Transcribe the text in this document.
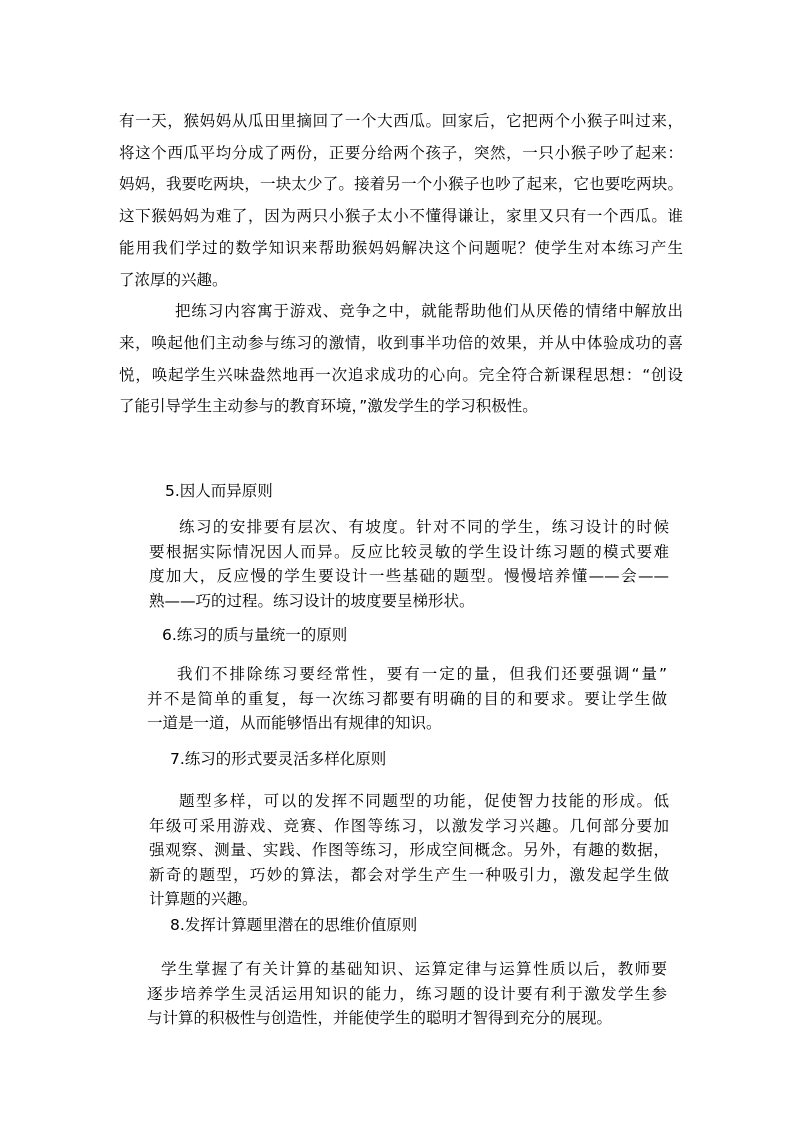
有一天，猴妈妈从瓜田里摘回了一个大西瓜。回家后，它把两个小猴子叫过来，

将这个西瓜平均分成了两份，正要分给两个孩子，突然，一只小猴子吵了起来：

妈妈，我要吃两块，一块太少了。接着另一个小猴子也吵了起来，它也要吃两块。

这下猴妈妈为难了，因为两只小猴子太小不懂得谦让，家里又只有一个西瓜。谁

能用我们学过的数学知识来帮助猴妈妈解决这个问题呢？使学生对本练习产生

了浓厚的兴趣。

把练习内容寓于游戏、竞争之中，就能帮助他们从厌倦的情绪中解放出

来，唤起他们主动参与练习的激情，收到事半功倍的效果，并从中体验成功的喜

悦，唤起学生兴味盎然地再一次追求成功的心向。完全符合新课程思想：“创设

了能引导学生主动参与的教育环境，”激发学生的学习积极性。

5.因人而异原则

练习的安排要有层次、有坡度。针对不同的学生，练习设计的时候

要根据实际情况因人而异。反应比较灵敏的学生设计练习题的模式要难

度加大，反应慢的学生要设计一些基础的题型。慢慢培养懂——会——

熟——巧的过程。练习设计的坡度要呈梯形状。

6.练习的质与量统一的原则

我们不排除练习要经常性，要有一定的量，但我们还要强调“量”

并不是简单的重复，每一次练习都要有明确的目的和要求。要让学生做

一道是一道，从而能够悟出有规律的知识。

7.练习的形式要灵活多样化原则

题型多样，可以的发挥不同题型的功能，促使智力技能的形成。低

年级可采用游戏、竞赛、作图等练习，以激发学习兴趣。几何部分要加

强观察、测量、实践、作图等练习，形成空间概念。另外，有趣的数据，

新奇的题型，巧妙的算法，都会对学生产生一种吸引力，激发起学生做

计算题的兴趣。

8.发挥计算题里潜在的思维价值原则

学生掌握了有关计算的基础知识、运算定律与运算性质以后，教师要

逐步培养学生灵活运用知识的能力，练习题的设计要有利于激发学生参

与计算的积极性与创造性，并能使学生的聪明才智得到充分的展现。
